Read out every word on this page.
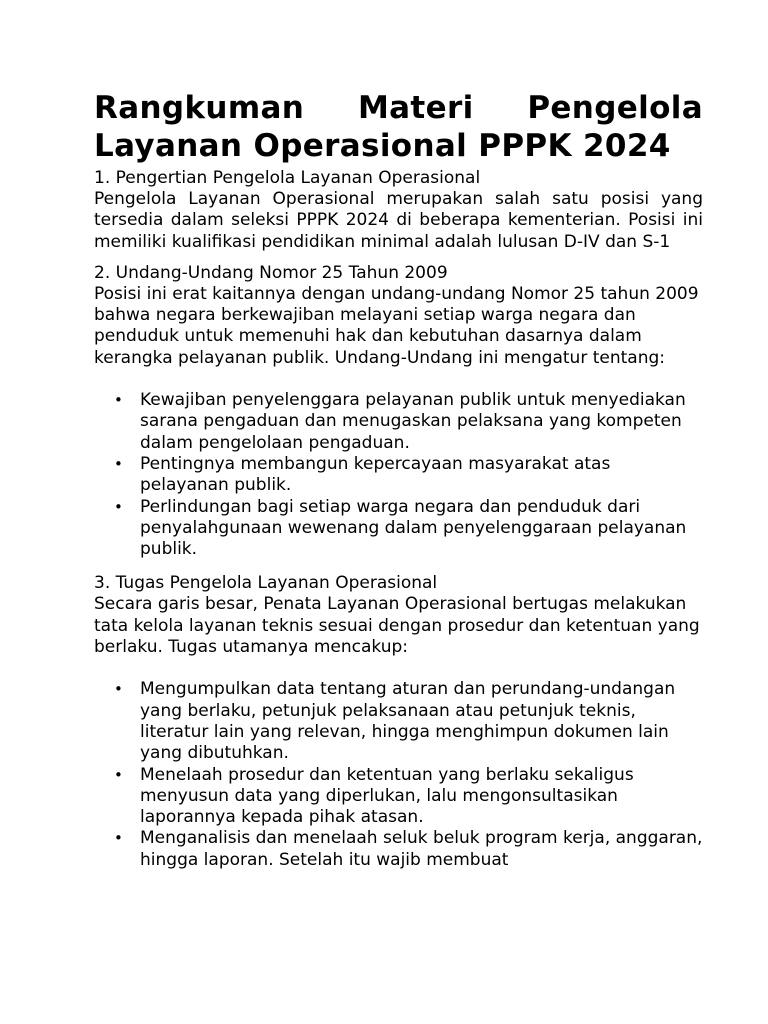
Rangkuman Materi Pengelola Layanan Operasional PPPK 2024

1. Pengertian Pengelola Layanan Operasional

Pengelola Layanan Operasional merupakan salah satu posisi yang tersedia dalam seleksi PPPK 2024 di beberapa kementerian. Posisi ini memiliki kualifikasi pendidikan minimal adalah lulusan D-IV dan S-1

2. Undang-Undang Nomor 25 Tahun 2009

Posisi ini erat kaitannya dengan undang-undang Nomor 25 tahun 2009 bahwa negara berkewajiban melayani setiap warga negara dan penduduk untuk memenuhi hak dan kebutuhan dasarnya dalam kerangka pelayanan publik. Undang-Undang ini mengatur tentang:

• Kewajiban penyelenggara pelayanan publik untuk menyediakan sarana pengaduan dan menugaskan pelaksana yang kompeten dalam pengelolaan pengaduan.
• Pentingnya membangun kepercayaan masyarakat atas pelayanan publik.
• Perlindungan bagi setiap warga negara dan penduduk dari penyalahgunaan wewenang dalam penyelenggaraan pelayanan publik.

3. Tugas Pengelola Layanan Operasional

Secara garis besar, Penata Layanan Operasional bertugas melakukan tata kelola layanan teknis sesuai dengan prosedur dan ketentuan yang berlaku. Tugas utamanya mencakup:

• Mengumpulkan data tentang aturan dan perundang-undangan yang berlaku, petunjuk pelaksanaan atau petunjuk teknis, literatur lain yang relevan, hingga menghimpun dokumen lain yang dibutuhkan.
• Menelaah prosedur dan ketentuan yang berlaku sekaligus menyusun data yang diperlukan, lalu mengonsultasikan laporannya kepada pihak atasan.
• Menganalisis dan menelaah seluk beluk program kerja, anggaran, hingga laporan. Setelah itu wajib membuat
